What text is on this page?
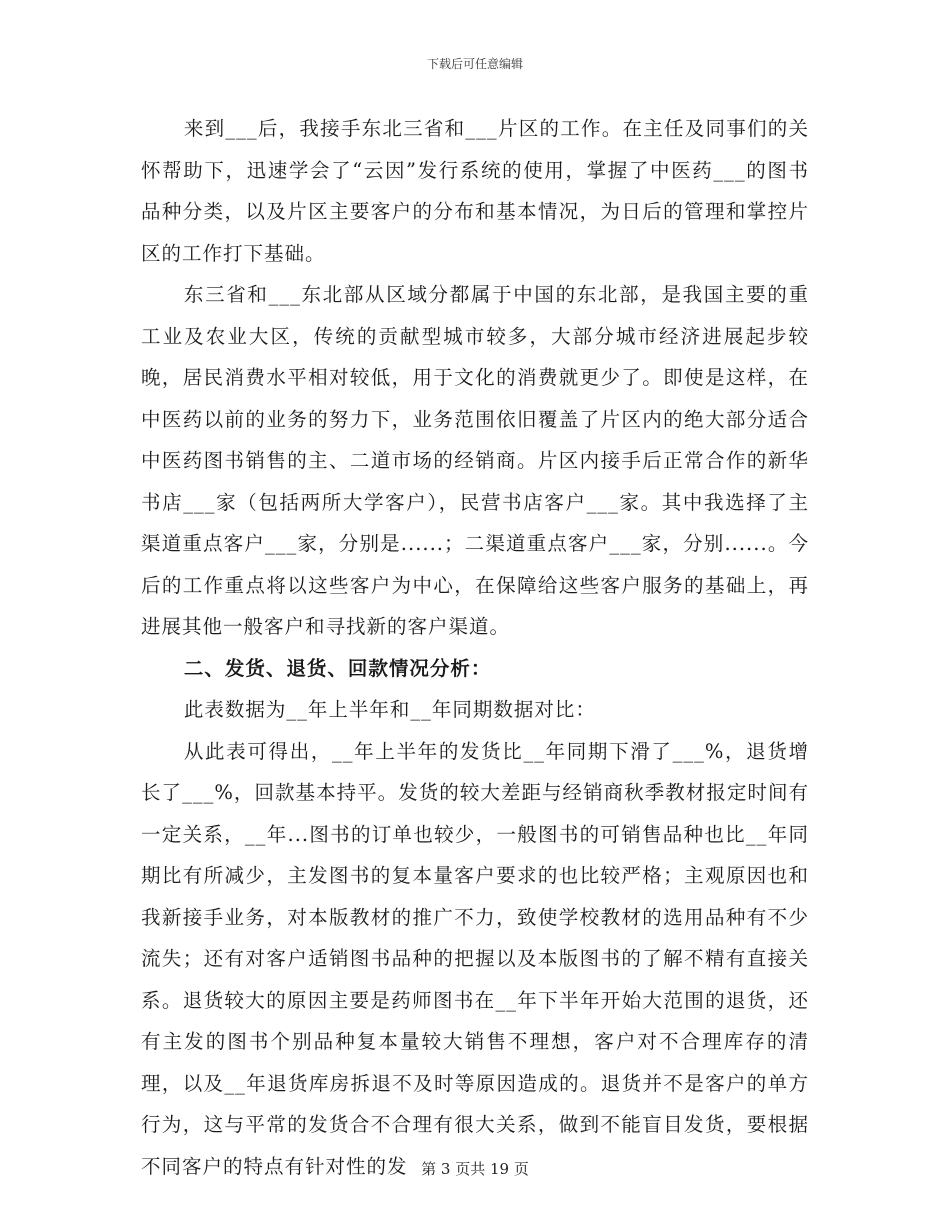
下载后可任意编辑

来到___后，我接手东北三省和___片区的工作。在主任及同事们的关怀帮助下，迅速学会了“云因”发行系统的使用，掌握了中医药___的图书品种分类，以及片区主要客户的分布和基本情况，为日后的管理和掌控片区的工作打下基础。

东三省和___东北部从区域分都属于中国的东北部，是我国主要的重工业及农业大区，传统的贡献型城市较多，大部分城市经济进展起步较晚，居民消费水平相对较低，用于文化的消费就更少了。即使是这样，在中医药以前的业务的努力下，业务范围依旧覆盖了片区内的绝大部分适合中医药图书销售的主、二道市场的经销商。片区内接手后正常合作的新华书店___家（包括两所大学客户），民营书店客户___家。其中我选择了主渠道重点客户___家，分别是......；二渠道重点客户___家，分别......。今后的工作重点将以这些客户为中心，在保障给这些客户服务的基础上，再进展其他一般客户和寻找新的客户渠道。

二、发货、退货、回款情况分析：

此表数据为__年上半年和__年同期数据对比：

从此表可得出，__年上半年的发货比__年同期下滑了___%，退货增长了___%，回款基本持平。发货的较大差距与经销商秋季教材报定时间有一定关系，__年...图书的订单也较少，一般图书的可销售品种也比__年同期比有所减少，主发图书的复本量客户要求的也比较严格；主观原因也和我新接手业务，对本版教材的推广不力，致使学校教材的选用品种有不少流失；还有对客户适销图书品种的把握以及本版图书的了解不精有直接关系。退货较大的原因主要是药师图书在__年下半年开始大范围的退货，还有主发的图书个别品种复本量较大销售不理想，客户对不合理库存的清理，以及__年退货库房拆退不及时等原因造成的。退货并不是客户的单方行为，这与平常的发货合不合理有很大关系，做到不能盲目发货，要根据不同客户的特点有针对性的发 第 3 页共 19 页
